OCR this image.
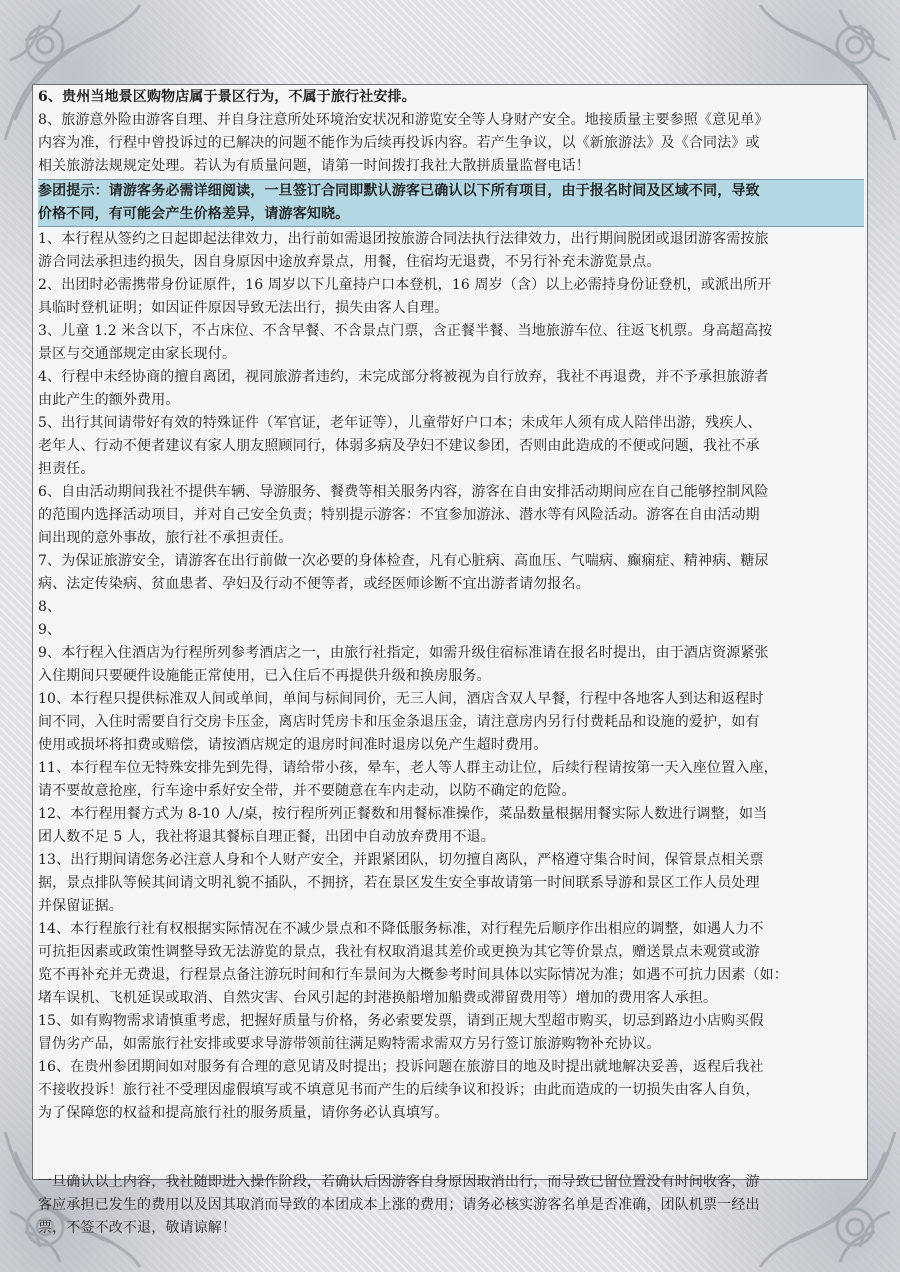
6、贵州当地景区购物店属于景区行为，不属于旅行社安排。
8、旅游意外险由游客自理、并自身注意所处环境治安状况和游览安全等人身财产安全。地接质量主要参照《意见单》
内容为准，行程中曾投诉过的已解决的问题不能作为后续再投诉内容。若产生争议，以《新旅游法》及《合同法》或
相关旅游法规规定处理。若认为有质量问题，请第一时间拨打我社大散拼质量监督电话！
参团提示：请游客务必需详细阅读，一旦签订合同即默认游客已确认以下所有项目，由于报名时间及区域不同，导致
价格不同，有可能会产生价格差异，请游客知晓。
1、本行程从签约之日起即起法律效力，出行前如需退团按旅游合同法执行法律效力，出行期间脱团或退团游客需按旅
游合同法承担违约损失，因自身原因中途放弃景点，用餐，住宿均无退费，不另行补充未游览景点。
2、出团时必需携带身份证原件，16 周岁以下儿童持户口本登机，16 周岁（含）以上必需持身份证登机，或派出所开
具临时登机证明；如因证件原因导致无法出行，损失由客人自理。
3、儿童 1.2 米含以下，不占床位、不含早餐、不含景点门票，含正餐半餐、当地旅游车位、往返飞机票。身高超高按
景区与交通部规定由家长现付。
4、行程中未经协商的擅自离团，视同旅游者违约，未完成部分将被视为自行放弃，我社不再退费，并不予承担旅游者
由此产生的额外费用。
5、出行其间请带好有效的特殊证件（军官证，老年证等），儿童带好户口本；未成年人须有成人陪伴出游，残疾人、
老年人、行动不便者建议有家人朋友照顾同行，体弱多病及孕妇不建议参团，否则由此造成的不便或问题，我社不承
担责任。
6、自由活动期间我社不提供车辆、导游服务、餐费等相关服务内容，游客在自由安排活动期间应在自己能够控制风险
的范围内选择活动项目，并对自己安全负责；特别提示游客：不宜参加游泳、潜水等有风险活动。游客在自由活动期
间出现的意外事故，旅行社不承担责任。
7、为保证旅游安全，请游客在出行前做一次必要的身体检查，凡有心脏病、高血压、气喘病、癫痫症、精神病、糖尿
病、法定传染病、贫血患者、孕妇及行动不便等者，或经医师诊断不宜出游者请勿报名。
8、
9、
9、本行程入住酒店为行程所列参考酒店之一，由旅行社指定，如需升级住宿标准请在报名时提出，由于酒店资源紧张
入住期间只要硬件设施能正常使用，已入住后不再提供升级和换房服务。
10、本行程只提供标准双人间或单间，单间与标间同价，无三人间，酒店含双人早餐，行程中各地客人到达和返程时
间不同，入住时需要自行交房卡压金，离店时凭房卡和压金条退压金，请注意房内另行付费耗品和设施的爱护，如有
使用或损坏将扣费或赔偿，请按酒店规定的退房时间准时退房以免产生超时费用。
11、本行程车位无特殊安排先到先得，请给带小孩，晕车，老人等人群主动让位，后续行程请按第一天入座位置入座，
请不要故意抢座，行车途中系好安全带，并不要随意在车内走动，以防不确定的危险。
12、本行程用餐方式为 8-10 人/桌，按行程所列正餐数和用餐标准操作，菜品数量根据用餐实际人数进行调整，如当
团人数不足 5 人，我社将退其餐标自理正餐，出团中自动放弃费用不退。
13、出行期间请您务必注意人身和个人财产安全，并跟紧团队，切勿擅自离队，严格遵守集合时间，保管景点相关票
据，景点排队等候其间请文明礼貌不插队，不拥挤，若在景区发生安全事故请第一时间联系导游和景区工作人员处理
并保留证据。
14、本行程旅行社有权根据实际情况在不减少景点和不降低服务标准，对行程先后顺序作出相应的调整，如遇人力不
可抗拒因素或政策性调整导致无法游览的景点，我社有权取消退其差价或更换为其它等价景点，赠送景点未观赏或游
览不再补充并无费退，行程景点备注游玩时间和行车景间为大概参考时间具体以实际情况为准；如遇不可抗力因素（如：
堵车误机、飞机延误或取消、自然灾害、台风引起的封港换船增加船费或滞留费用等）增加的费用客人承担。
15、如有购物需求请慎重考虑，把握好质量与价格，务必索要发票，请到正规大型超市购买，切忌到路边小店购买假
冒伪劣产品，如需旅行社安排或要求导游带领前往满足购特需求需双方另行签订旅游购物补充协议。
16、在贵州参团期间如对服务有合理的意见请及时提出；投诉问题在旅游目的地及时提出就地解决妥善，返程后我社
不接收投诉！旅行社不受理因虚假填写或不填意见书而产生的后续争议和投诉；由此而造成的一切损失由客人自负，
为了保障您的权益和提高旅行社的服务质量，请你务必认真填写。
一旦确认以上内容，我社随即进入操作阶段，若确认后因游客自身原因取消出行，而导致已留位置没有时间收客，游
客应承担已发生的费用以及因其取消而导致的本团成本上涨的费用；请务必核实游客名单是否准确，团队机票一经出
票，不签不改不退，敬请谅解！
